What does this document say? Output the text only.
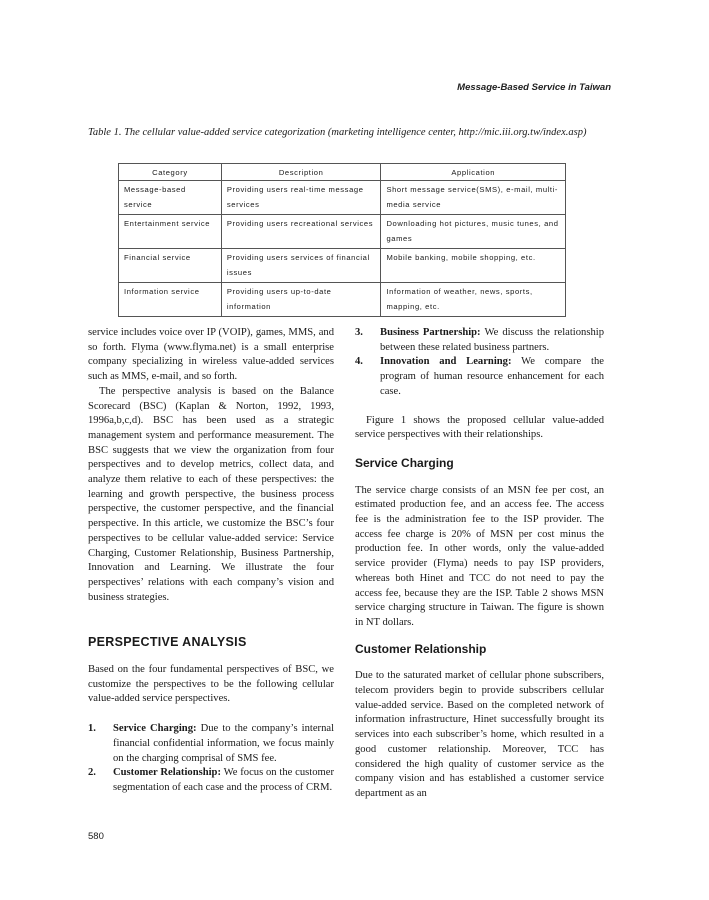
Message-Based Service in Taiwan
Table 1. The cellular value-added service categorization (marketing intelligence center, http://mic.iii.org.tw/index.asp)
Category	Description	Application
Message-based service	Providing users real-time message services	Short message service(SMS), e-mail, multi-media service
Entertainment service	Providing users recreational services	Downloading hot pictures, music tunes, and games
Financial service	Providing users services of financial issues	Mobile banking, mobile shopping, etc.
Information service	Providing users up-to-date information	Information of weather, news, sports, mapping, etc.

service includes voice over IP (VOIP), games, MMS, and so forth. Flyma (www.flyma.net) is a small enterprise company specializing in wireless value-added services such as MMS, e-mail, and so forth.

The perspective analysis is based on the Balance Scorecard (BSC) (Kaplan & Norton, 1992, 1993, 1996a,b,c,d). BSC has been used as a strategic management system and performance measurement. The BSC suggests that we view the organization from four perspectives and to develop metrics, collect data, and analyze them relative to each of these perspectives: the learning and growth perspective, the business process perspective, the customer perspective, and the financial perspective. In this article, we customize the BSC’s four perspectives to be cellular value-added service: Service Charging, Customer Relationship, Business Partnership, Innovation and Learning. We illustrate the four perspectives’ relations with each company’s vision and business strategies.

PERSPECTIVE ANALYSIS

Based on the four fundamental perspectives of BSC, we customize the perspectives to be the following cellular value-added service perspectives.

1.	Service Charging: Due to the company’s internal financial confidential information, we focus mainly on the charging comprisal of SMS fee.
2.	Customer Relationship: We focus on the customer segmentation of each case and the process of CRM.
3.	Business Partnership: We discuss the relationship between these related business partners.
4.	Innovation and Learning: We compare the program of human resource enhancement for each case.

Figure 1 shows the proposed cellular value-added service perspectives with their relationships.

Service Charging

The service charge consists of an MSN fee per cost, an estimated production fee, and an access fee. The access fee is the administration fee to the ISP provider. The access fee charge is 20% of MSN per cost minus the production fee. In other words, only the value-added service provider (Flyma) needs to pay ISP providers, whereas both Hinet and TCC do not need to pay the access fee, because they are the ISP. Table 2 shows MSN service charging structure in Taiwan. The figure is shown in NT dollars.

Customer Relationship

Due to the saturated market of cellular phone subscribers, telecom providers begin to provide subscribers cellular value-added service. Based on the completed network of information infrastructure, Hinet successfully brought its services into each subscriber’s home, which resulted in a good customer relationship. Moreover, TCC has considered the high quality of customer service as the company vision and has established a customer service department as an

580
